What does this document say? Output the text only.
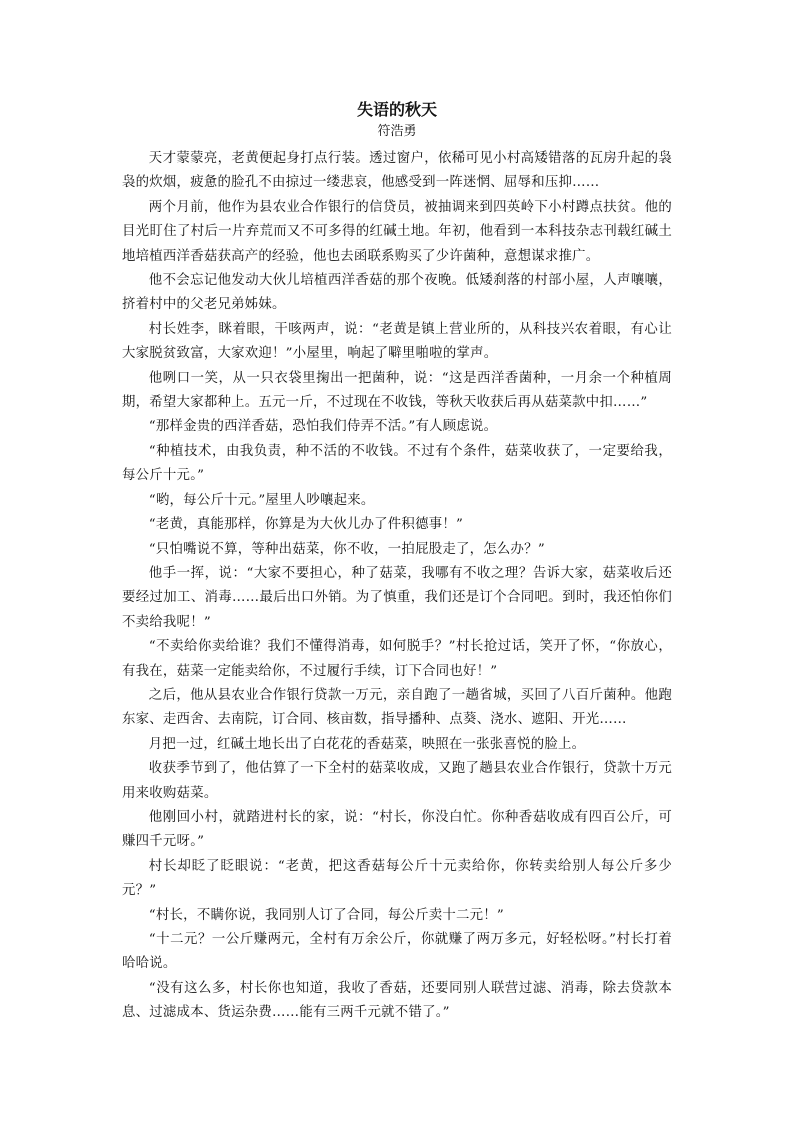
失语的秋天
符浩勇

天才蒙蒙亮，老黄便起身打点行装。透过窗户，依稀可见小村高矮错落的瓦房升起的袅袅的炊烟，疲惫的脸孔不由掠过一缕悲哀，他感受到一阵迷惘、屈辱和压抑……

两个月前，他作为县农业合作银行的信贷员，被抽调来到四英岭下小村蹲点扶贫。他的目光盯住了村后一片弃荒而又不可多得的红碱土地。年初，他看到一本科技杂志刊载红碱土地培植西洋香菇获高产的经验，他也去函联系购买了少许菌种，意想谋求推广。

他不会忘记他发动大伙儿培植西洋香菇的那个夜晚。低矮刹落的村部小屋，人声嚷嚷，挤着村中的父老兄弟姊妹。

村长姓李，眯着眼，干咳两声，说：“老黄是镇上营业所的，从科技兴农着眼，有心让大家脱贫致富，大家欢迎！”小屋里，响起了噼里啪啦的掌声。

他咧口一笑，从一只衣袋里掬出一把菌种，说：“这是西洋香菌种，一月余一个种植周期，希望大家都种上。五元一斤，不过现在不收钱，等秋天收获后再从菇菜款中扣……”

“那样金贵的西洋香菇，恐怕我们侍弄不活。”有人顾虑说。

“种植技术，由我负责，种不活的不收钱。不过有个条件，菇菜收获了，一定要给我，每公斤十元。”

“哟，每公斤十元。”屋里人吵嚷起来。

“老黄，真能那样，你算是为大伙儿办了件积德事！”

“只怕嘴说不算，等种出菇菜，你不收，一拍屁股走了，怎么办？”

他手一挥，说：“大家不要担心，种了菇菜，我哪有不收之理？告诉大家，菇菜收后还要经过加工、消毒……最后出口外销。为了慎重，我们还是订个合同吧。到时，我还怕你们不卖给我呢！”

“不卖给你卖给谁？我们不懂得消毒，如何脱手？”村长抢过话，笑开了怀，“你放心，有我在，菇菜一定能卖给你，不过履行手续，订下合同也好！”

之后，他从县农业合作银行贷款一万元，亲自跑了一趟省城，买回了八百斤菌种。他跑东家、走西舍、去南院，订合同、核亩数，指导播种、点葵、浇水、遮阳、开光……

月把一过，红碱土地长出了白花花的香菇菜，映照在一张张喜悦的脸上。

收获季节到了，他估算了一下全村的菇菜收成，又跑了趟县农业合作银行，贷款十万元用来收购菇菜。

他刚回小村，就踏进村长的家，说：“村长，你没白忙。你种香菇收成有四百公斤，可赚四千元呀。”

村长却眨了眨眼说：“老黄，把这香菇每公斤十元卖给你，你转卖给别人每公斤多少元？”

“村长，不瞒你说，我同别人订了合同，每公斤卖十二元！”

“十二元？一公斤赚两元，全村有万余公斤，你就赚了两万多元，好轻松呀。”村长打着哈哈说。

“没有这么多，村长你也知道，我收了香菇，还要同别人联营过滤、消毒，除去贷款本息、过滤成本、货运杂费……能有三两千元就不错了。”
